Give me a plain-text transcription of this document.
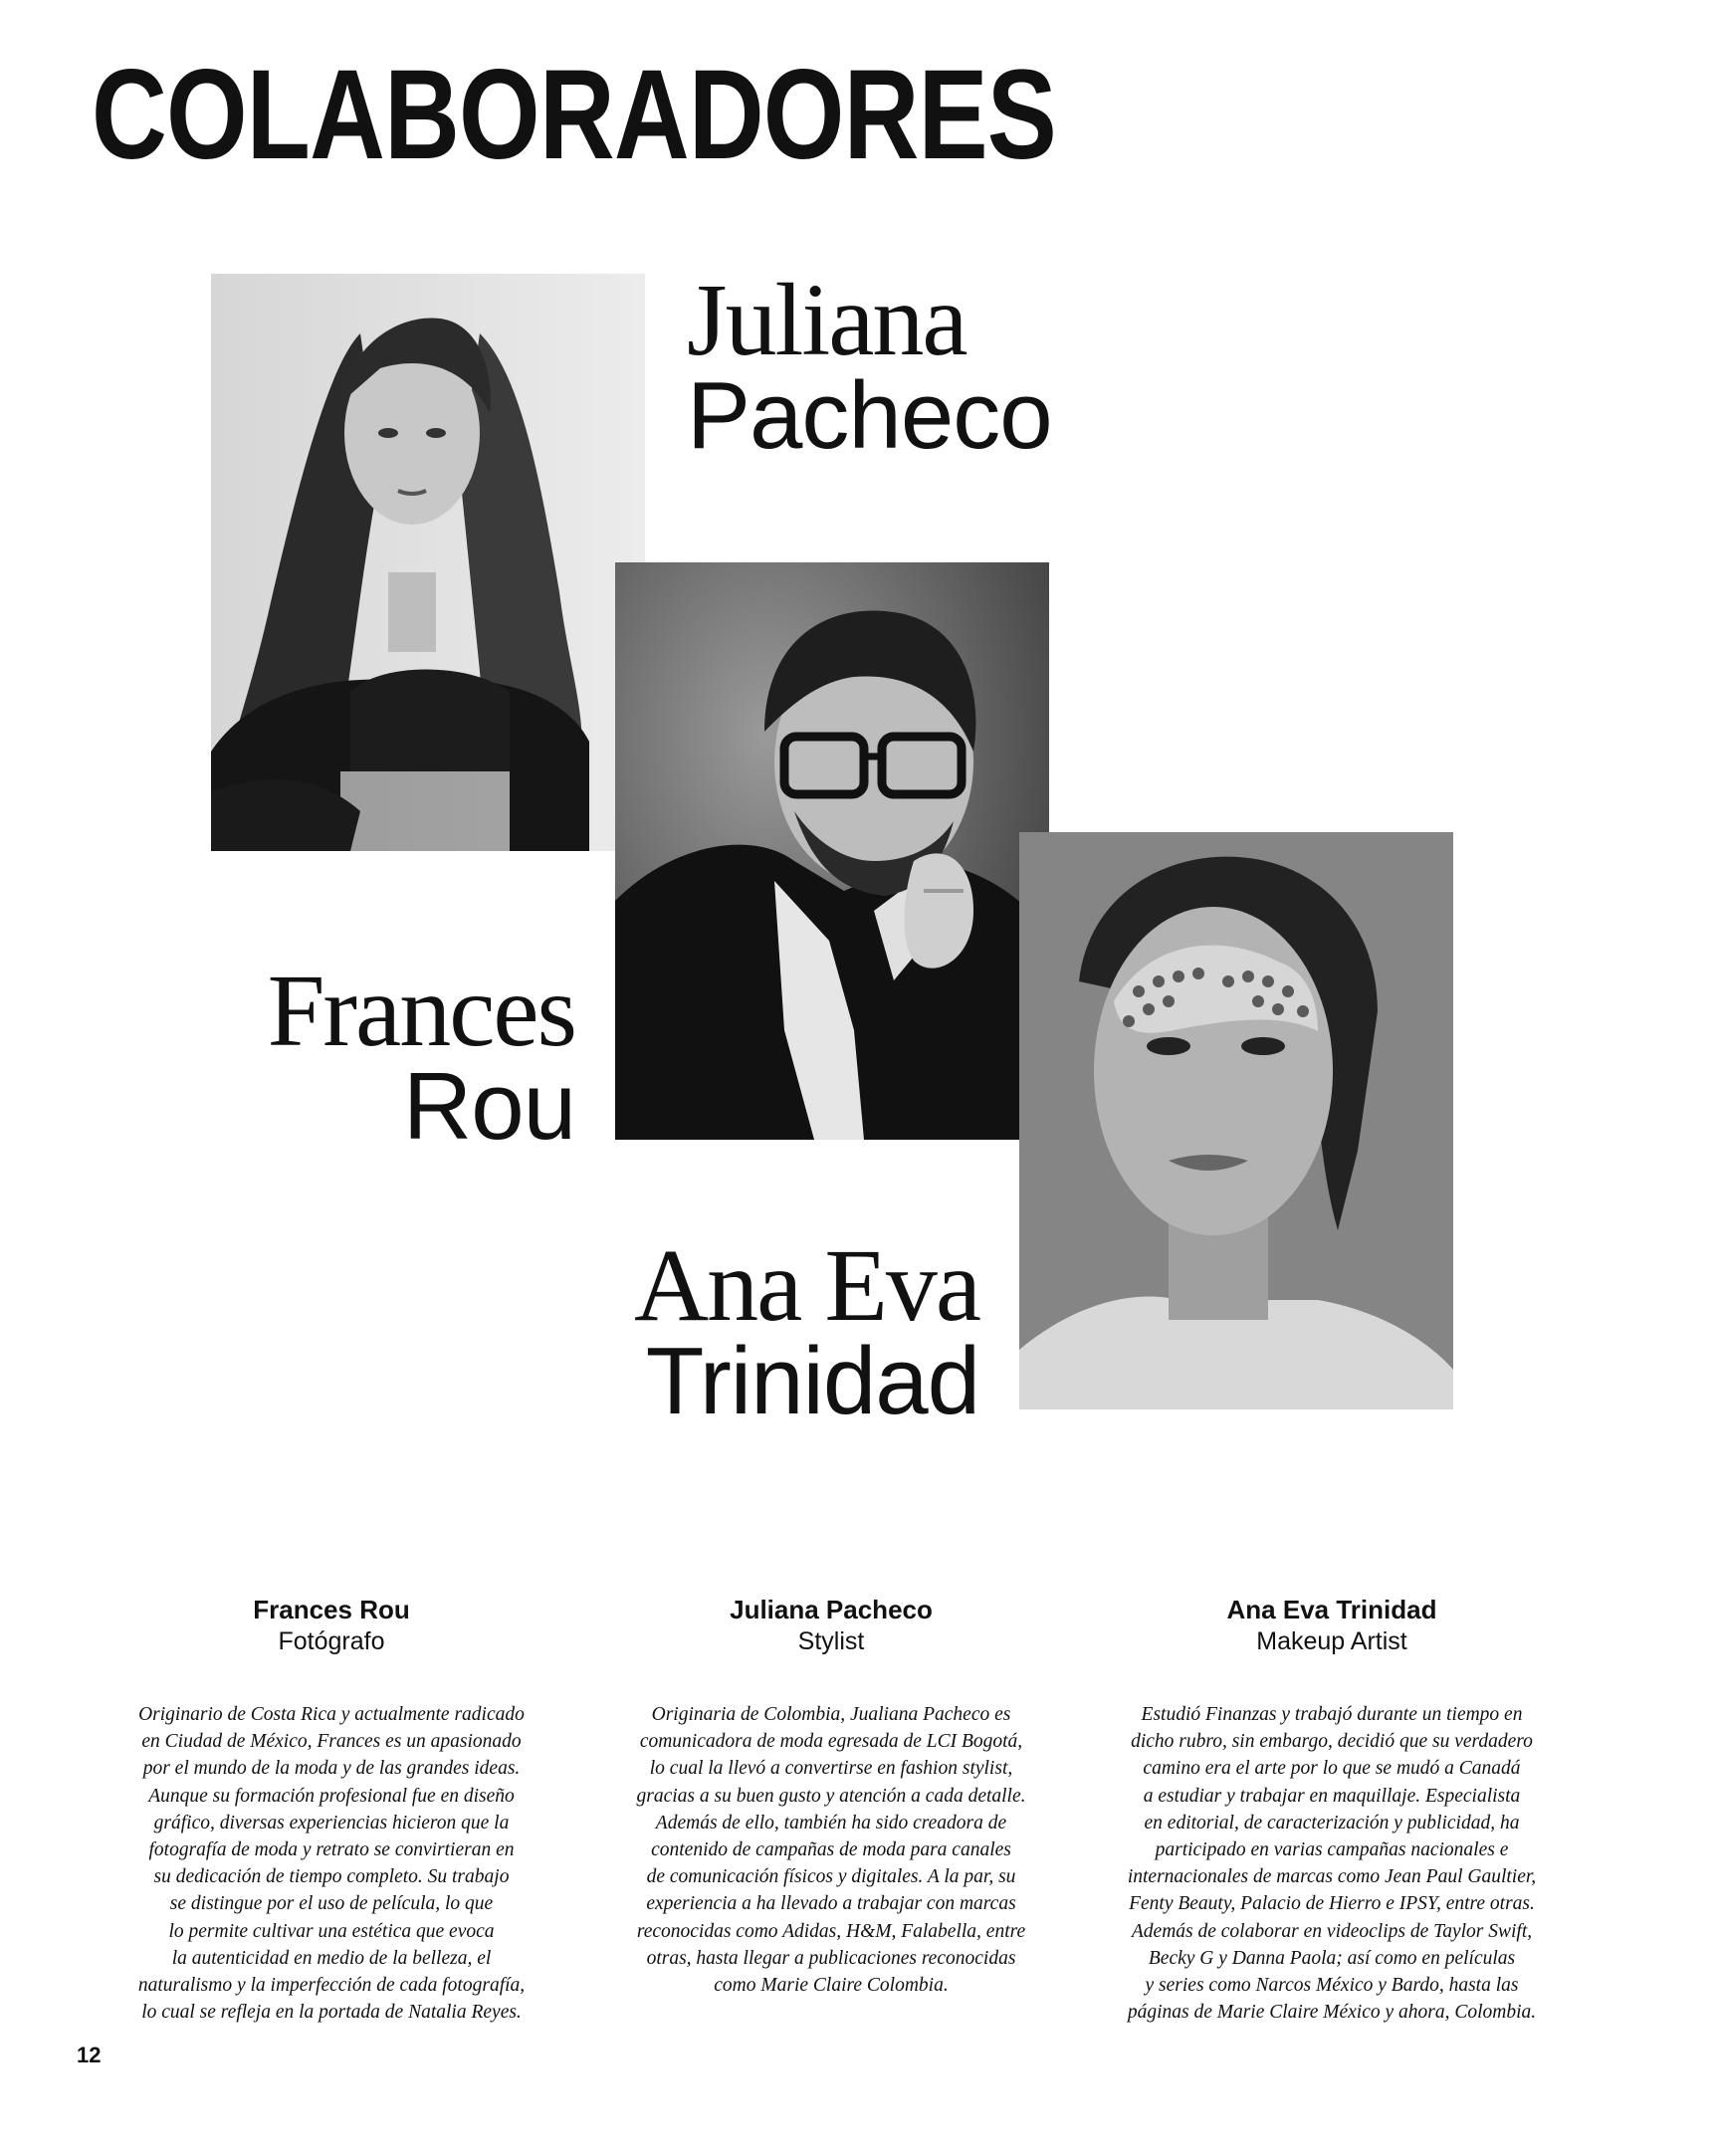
COLABORADORES
Juliana
Pacheco
Frances
Rou
Ana Eva
Trinidad
Frances Rou
Fotógrafo
Originario de Costa Rica y actualmente radicado
en Ciudad de México, Frances es un apasionado
por el mundo de la moda y de las grandes ideas.
Aunque su formación profesional fue en diseño
gráfico, diversas experiencias hicieron que la
fotografía de moda y retrato se convirtieran en
su dedicación de tiempo completo. Su trabajo
se distingue por el uso de película, lo que
lo permite cultivar una estética que evoca
la autenticidad en medio de la belleza, el
naturalismo y la imperfección de cada fotografía,
lo cual se refleja en la portada de Natalia Reyes.
Juliana Pacheco
Stylist
Originaria de Colombia, Jualiana Pacheco es
comunicadora de moda egresada de LCI Bogotá,
lo cual la llevó a convertirse en fashion stylist,
gracias a su buen gusto y atención a cada detalle.
Además de ello, también ha sido creadora de
contenido de campañas de moda para canales
de comunicación físicos y digitales. A la par, su
experiencia a ha llevado a trabajar con marcas
reconocidas como Adidas, H&M, Falabella, entre
otras, hasta llegar a publicaciones reconocidas
como Marie Claire Colombia.
Ana Eva Trinidad
Makeup Artist
Estudió Finanzas y trabajó durante un tiempo en
dicho rubro, sin embargo, decidió que su verdadero
camino era el arte por lo que se mudó a Canadá
a estudiar y trabajar en maquillaje. Especialista
en editorial, de caracterización y publicidad, ha
participado en varias campañas nacionales e
internacionales de marcas como Jean Paul Gaultier,
Fenty Beauty, Palacio de Hierro e IPSY, entre otras.
Además de colaborar en videoclips de Taylor Swift,
Becky G y Danna Paola; así como en películas
y series como Narcos México y Bardo, hasta las
páginas de Marie Claire México y ahora, Colombia.
12
